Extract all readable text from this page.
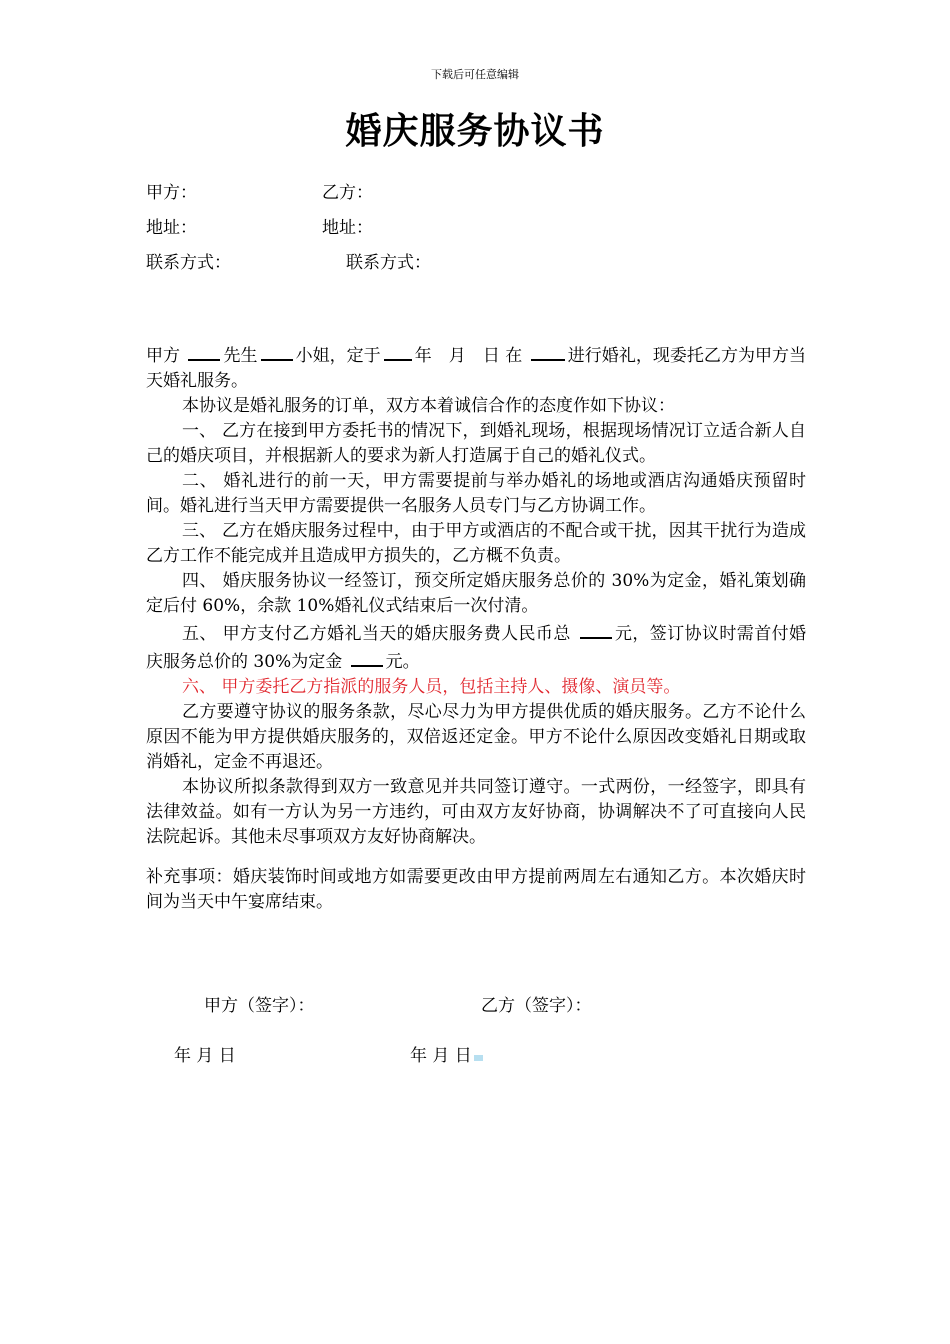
下载后可任意编辑
婚庆服务协议书
甲方：	乙方：
地址：	地址：
联系方式：	联系方式：

甲方	先生 小姐，定于 年　月　日 在	进行婚礼，现委托乙方为甲方当天婚礼服务。

本协议是婚礼服务的订单，双方本着诚信合作的态度作如下协议：

一、 乙方在接到甲方委托书的情况下，到婚礼现场，根据现场情况订立适合新人自己的婚庆项目，并根据新人的要求为新人打造属于自己的婚礼仪式。

二、 婚礼进行的前一天，甲方需要提前与举办婚礼的场地或酒店沟通婚庆预留时间。婚礼进行当天甲方需要提供一名服务人员专门与乙方协调工作。

三、 乙方在婚庆服务过程中，由于甲方或酒店的不配合或干扰，因其干扰行为造成乙方工作不能完成并且造成甲方损失的，乙方概不负责。

四、 婚庆服务协议一经签订，预交所定婚庆服务总价的 30%为定金，婚礼策划确定后付 60%，余款 10%婚礼仪式结束后一次付清。

五、 甲方支付乙方婚礼当天的婚庆服务费人民币总	元，签订协议时需首付婚庆服务总价的 30%为定金	元。

六、 甲方委托乙方指派的服务人员，包括主持人、摄像、演员等。

乙方要遵守协议的服务条款，尽心尽力为甲方提供优质的婚庆服务。乙方不论什么原因不能为甲方提供婚庆服务的，双倍返还定金。甲方不论什么原因改变婚礼日期或取消婚礼，定金不再退还。

本协议所拟条款得到双方一致意见并共同签订遵守。一式两份，一经签字，即具有法律效益。如有一方认为另一方违约，可由双方友好协商，协调解决不了可直接向人民法院起诉。其他未尽事项双方友好协商解决。

补充事项：婚庆装饰时间或地方如需要更改由甲方提前两周左右通知乙方。本次婚庆时间为当天中午宴席结束。
甲方（签字）：	乙方（签字）：
年 月 日	年 月 日
